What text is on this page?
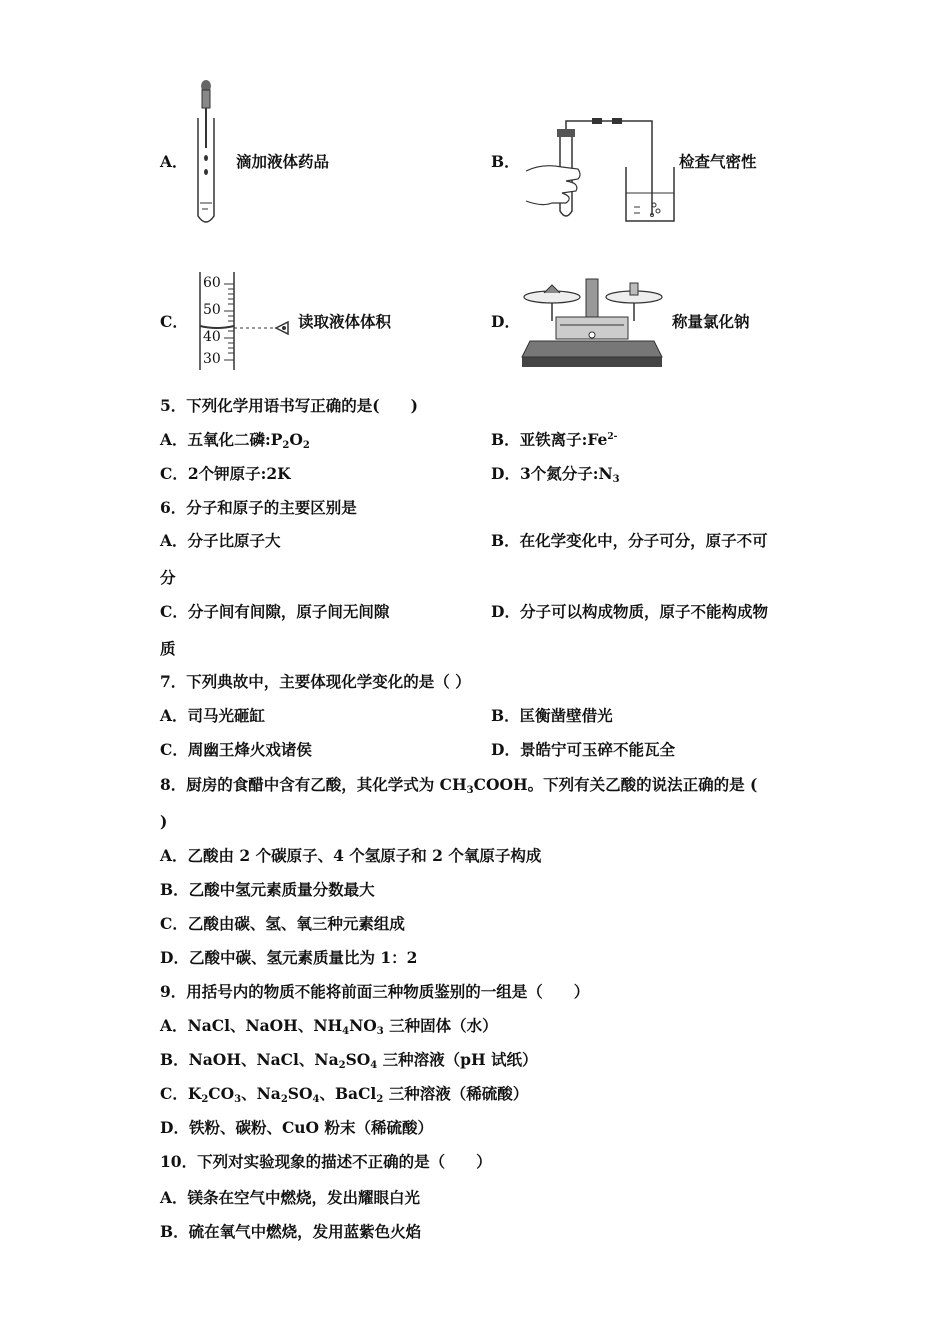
A．	滴加液体药品	B．	检查气密性
C．
60
50
40
30
读取液体体积	D．	称量氯化钠
5．下列化学用语书写正确的是(　　)
A．五氧化二磷$:P_2O_2$	B．亚铁离子$:Fe^{2-}$
C．2个钾原子:2K	D．3个氮分子$:N_3$
6．分子和原子的主要区别是
A．分子比原子大	B．在化学变化中，分子可分，原子不可
分
C．分子间有间隙，原子间无间隙	D．分子可以构成物质，原子不能构成物
质
7．下列典故中，主要体现化学变化的是（ ）
A．司马光砸缸	B．匡衡凿壁借光
C．周幽王烽火戏诸侯	D．景皓宁可玉碎不能瓦全
8．厨房的食醋中含有乙酸，其化学式为 $CH_3COOH$。下列有关乙酸的说法正确的是 (
)
A．乙酸由 2 个碳原子、4 个氢原子和 2 个氧原子构成
B．乙酸中氢元素质量分数最大
C．乙酸由碳、氢、氧三种元素组成
D．乙酸中碳、氢元素质量比为 1：2
9．用括号内的物质不能将前面三种物质鉴别的一组是（　　）
A．NaCl、NaOH、$NH_4NO_3$ 三种固体（水）
B．NaOH、NaCl、$Na_2SO_4$ 三种溶液（pH 试纸）
C．$K_2CO_3$、$Na_2SO_4$、BaCl$_2$ 三种溶液（稀硫酸）
D．铁粉、碳粉、CuO 粉末（稀硫酸）
10．下列对实验现象的描述不正确的是（　　）
A．镁条在空气中燃烧，发出耀眼白光
B．硫在氧气中燃烧，发用蓝紫色火焰
